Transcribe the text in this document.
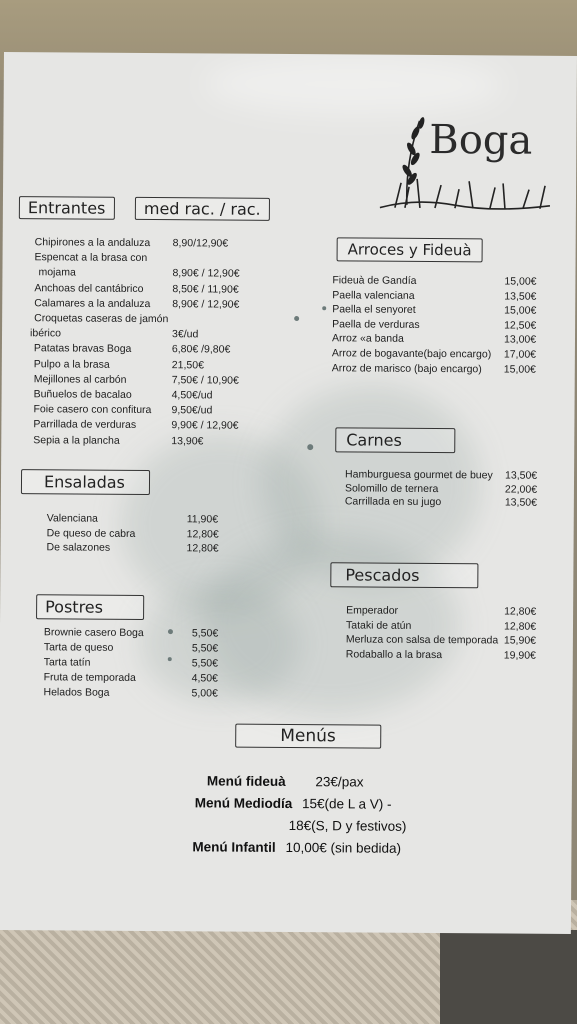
Boga
Entrantes	med rac. / rac.
Chipirones a la andaluza 8,90/12,90€
Espencat a la brasa con
mojama	8,90€ / 12,90€
Anchoas del cantábrico	8,50€ / 11,90€
Calamares a la andaluza 8,90€ / 12,90€
Croquetas caseras de jamón
ibérico	3€/ud
Patatas bravas Boga	6,80€ /9,80€
Pulpo a la brasa	21,50€
Mejillones al carbón	7,50€ / 10,90€
Buñuelos de bacalao	4,50€/ud
Foie casero con confitura 9,50€/ud
Parrillada de verduras	9,90€ / 12,90€
Sepia a la plancha	13,90€
Ensaladas
Valenciana	11,90€
De queso de cabra	12,80€
De salazones	12,80€
Postres
Brownie casero Boga	5,50€
Tarta de queso	5,50€
Tarta tatín	5,50€
Fruta de temporada	4,50€
Helados Boga	5,00€
Arroces y Fideuà
Fideuà de Gandía	15,00€
Paella valenciana	13,50€
Paella el senyoret	15,00€
Paella de verduras	12,50€
Arroz «a banda	13,00€
Arroz de bogavante(bajo encargo) 17,00€
Arroz de marisco (bajo encargo) 15,00€
Carnes
Hamburguesa gourmet de buey 13,50€
Solomillo de ternera	22,00€
Carrillada en su jugo	13,50€
Pescados
Emperador	12,80€
Tataki de atún	12,80€
Merluza con salsa de temporada 15,90€
Rodaballo a la brasa	19,90€
Menús
Menú fideuà 23€/pax
Menú Mediodía 15€(de L a V) -
18€(S, D y festivos)
Menú Infantil 10,00€ (sin bedida)
